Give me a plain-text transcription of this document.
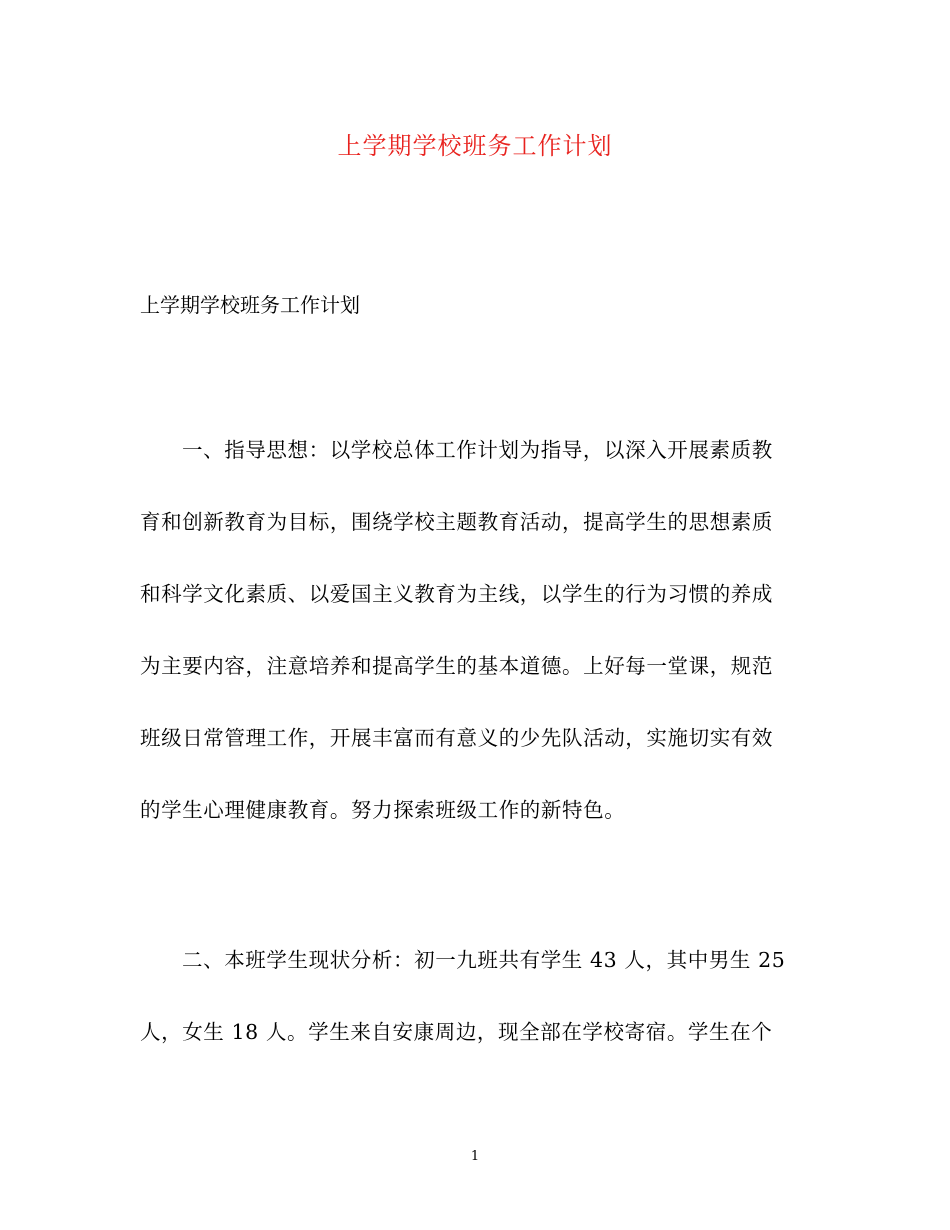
上学期学校班务工作计划
上学期学校班务工作计划
一、指导思想：以学校总体工作计划为指导，以深入开展素质教
育和创新教育为目标，围绕学校主题教育活动，提高学生的思想素质
和科学文化素质、以爱国主义教育为主线，以学生的行为习惯的养成
为主要内容，注意培养和提高学生的基本道德。上好每一堂课，规范
班级日常管理工作，开展丰富而有意义的少先队活动，实施切实有效
的学生心理健康教育。努力探索班级工作的新特色。
二、本班学生现状分析：初一九班共有学生 43 人，其中男生 25
人，女生 18 人。学生来自安康周边，现全部在学校寄宿。学生在个
1
